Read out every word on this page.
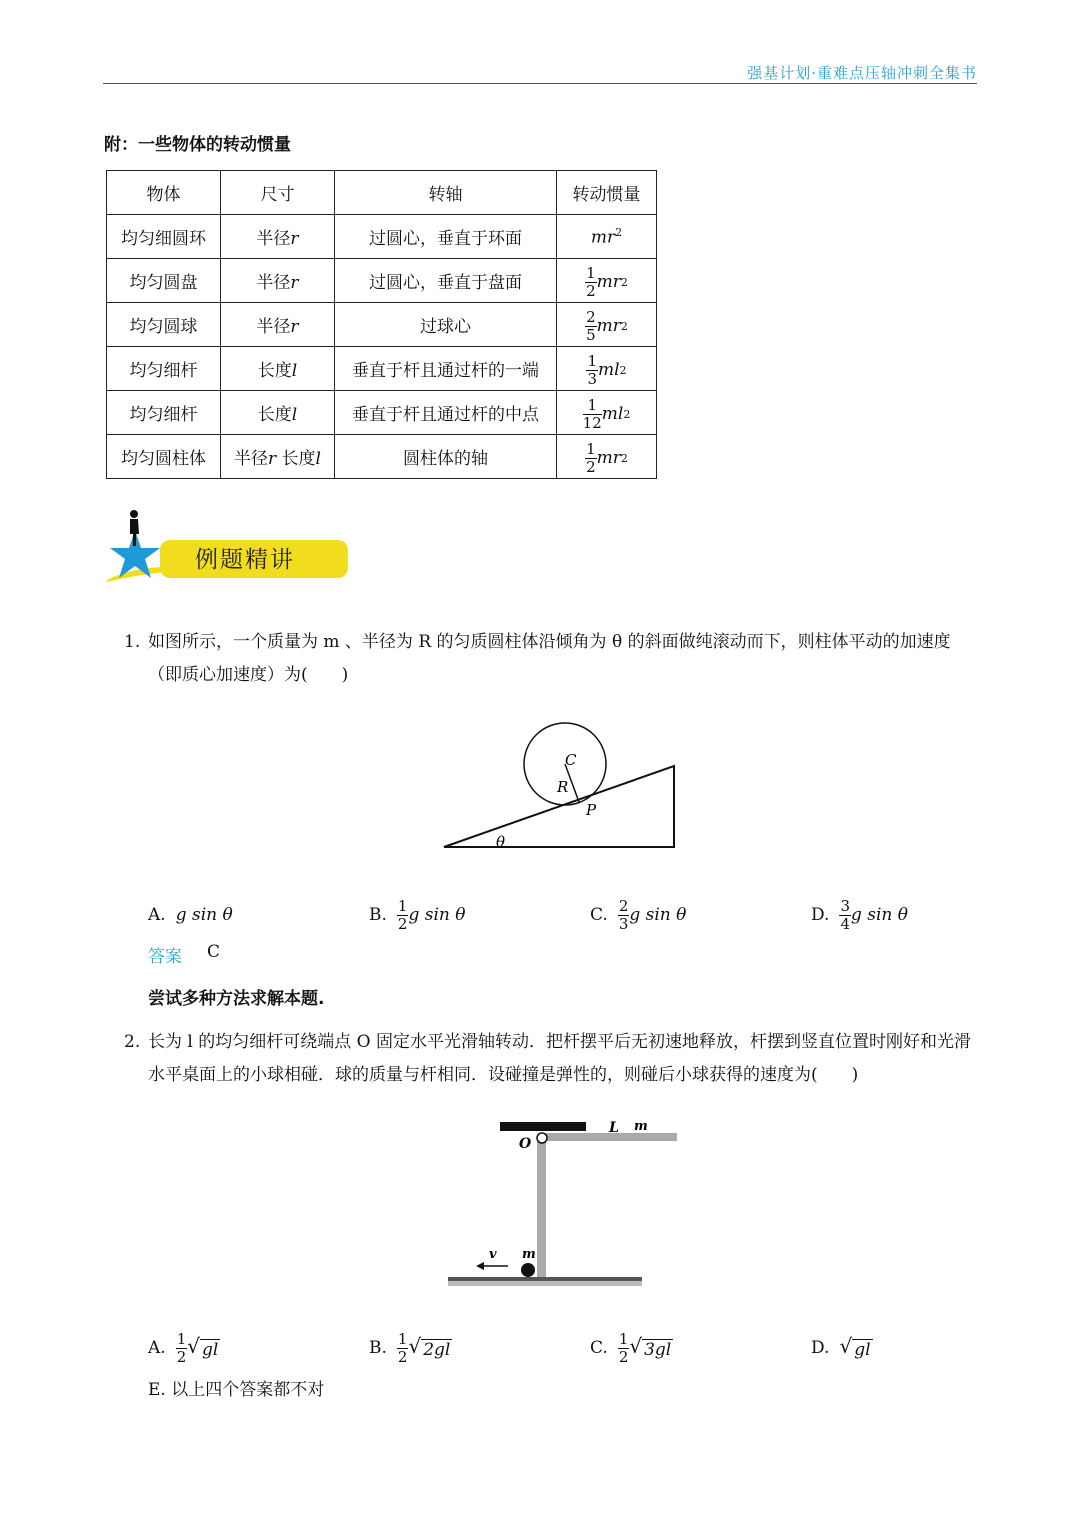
强基计划·重难点压轴冲刺全集书
附：一些物体的转动惯量
物体	尺寸	转轴	转动惯量
均匀细圆环	半径r	过圆心，垂直于环面	$mr^2$
均匀圆盘	半径r	过圆心，垂直于盘面	$\frac{1}{2}$ mr 2

均匀圆球	半径r	过球心	$\frac{2}{5}$ mr 2

均匀细杆	长度l	垂直于杆且通过杆的一端	$\frac{1}{3}$ ml 2

均匀细杆	长度l	垂直于杆且通过杆的中点	$\frac{1}{12}$ ml 2

均匀圆柱体	半径r 长度l	圆柱体的轴	$\frac{1}{2}$ mr 2
例题精讲
1. 如图所示，一个质量为 m 、半径为 R 的匀质圆柱体沿倾角为 θ 的斜面做纯滚动而下，则柱体平动的加速度（即质心加速度）为(　　)
C
R
P
θ
A. g sin θ	B. $\frac{1}{2}$ g sin θ	C. $\frac{2}{3}$ g sin θ	D. $\frac{3}{4}$ g sin θ
答案 C
尝试多种方法求解本题.
2. 长为 l 的均匀细杆可绕端点 O 固定水平光滑轴转动．把杆摆平后无初速地释放，杆摆到竖直位置时刚好和光滑水平桌面上的小球相碰．球的质量与杆相同．设碰撞是弹性的，则碰后小球获得的速度为(　　)
O
L m
m
v
A. $\frac{1}{2}$ √ gl	B. $\frac{1}{2}$ √ 2gl	C. $\frac{1}{2}$ √ 3gl	D. √ gl
E. 以上四个答案都不对
